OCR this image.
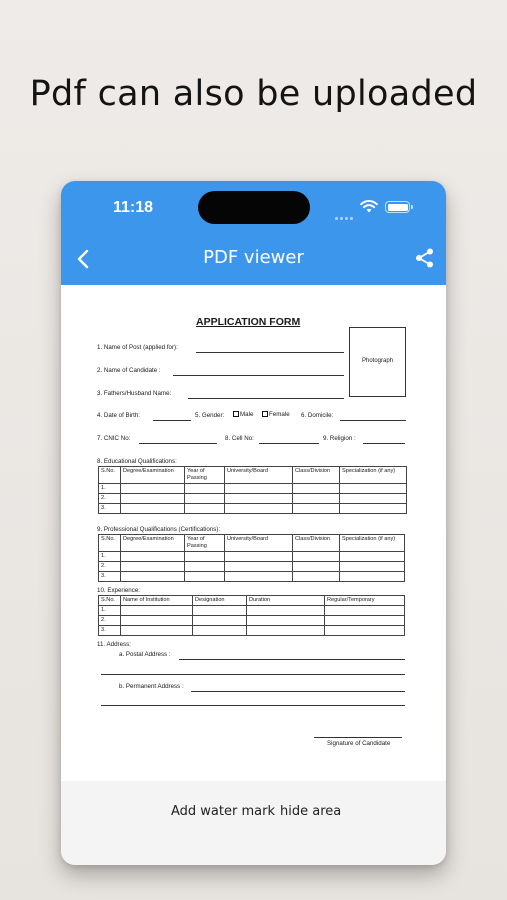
Pdf can also be uploaded
11:18
PDF viewer
APPLICATION FORM
Photograph
1. Name of Post (applied for):
2. Name of Candidate :
3. Fathers/Husband Name:
4. Date of Birth:	5. Gender:	Male	Female 6. Domicile:
7. CNIC No:	8. Cell No:	9. Religion :
8. Educational Qualifications:
S.No.	Degree/Examination	Year of Passing	University/Board	Class/Division	Specialization (if any)
1.					
2.					
3.					
9. Professional Qualifications (Certifications):
S.No.	Degree/Examination	Year of Passing	University/Board	Class/Division	Specialization (if any)
1.					
2.					
3.					
10. Experience:
S.No.	Name of Institution	Designation	Duration	Regular/Temporary
1.				
2.				
3.				
11. Address:
a. Postal Address :
b. Permanent Address :
Signature of Candidate
Add water mark hide area
